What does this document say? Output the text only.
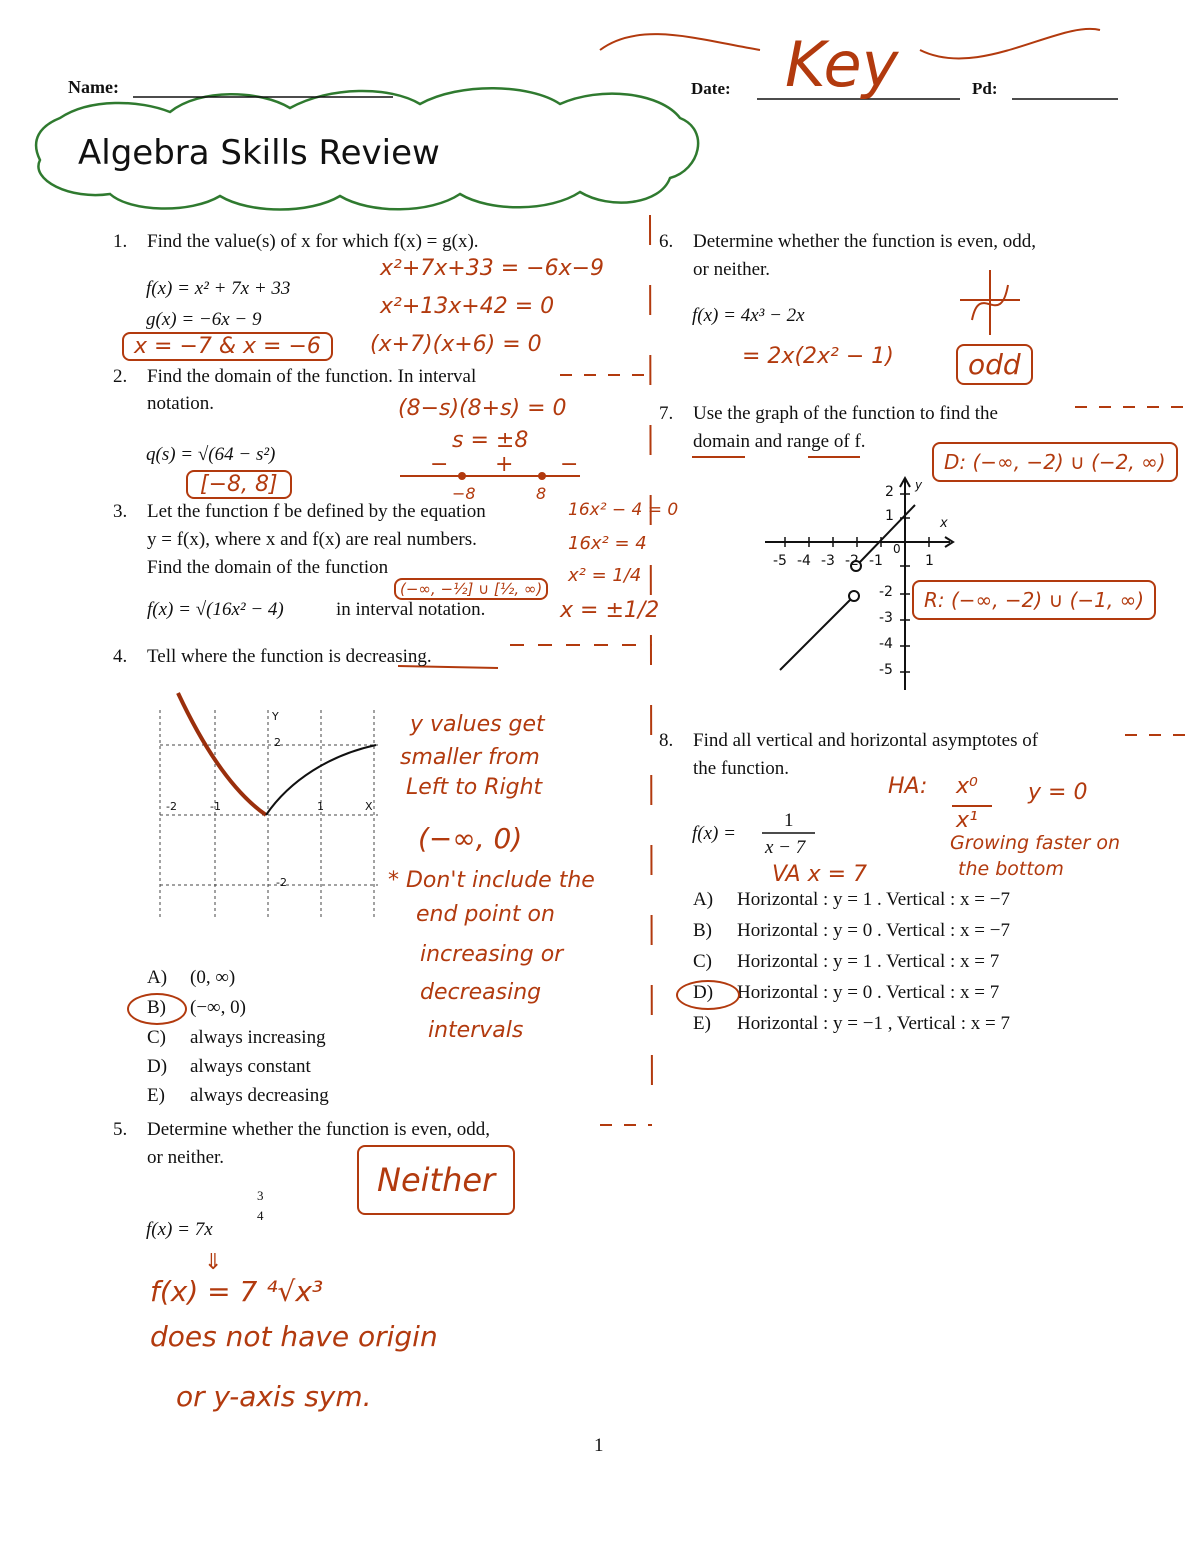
Name:	Date: Key	Pd:
Algebra Skills Review
1. Find the value(s) of x for which f(x) = g(x).
f(x) = x² + 7x + 33
g(x) = −6x − 9
x²+7x+33 = −6x−9
x²+13x+42 = 0
(x+7)(x+6) = 0
x = −7 & x = −6
2. Find the domain of the function. In interval
notation.
q(s) = √(64 − s²)
(8−s)(8+s) = 0
s = ±8
− + −
−8	8
[−8, 8]
3. Let the function f be defined by the equation
y = f(x), where x and f(x) are real numbers.
Find the domain of the function
f(x) = √(16x² − 4)	in interval notation.
16x² − 4 = 0
16x² = 4
x² = 1/4
x = ±1/2
(−∞, −½] ∪ [½, ∞)
4. Tell where the function is decreasing.
Y
2
-2	-1	1	X
-2
y values get
smaller from
Left to Right
(−∞, 0)
* Don't include the
end point on
increasing or
decreasing
intervals
A) (0, ∞)
B) (−∞, 0)
C) always increasing
D) always constant
E) always decreasing
5. Determine whether the function is even, odd,
or neither.
f(x) = 7x
3
4
⇓
Neither
f(x) = 7 ⁴√x³
does not have origin
or y-axis sym.
6. Determine whether the function is even, odd,
or neither.
f(x) = 4x³ − 2x
= 2x(2x² − 1)	odd
7. Use the graph of the function to find the
domain and range of f.
D: (−∞, −2) ∪ (−2, ∞)
R: (−∞, −2) ∪ (−1, ∞)
y
x
-5 -4 -3 -2 -1	1
2
1
0
-2
-3
-4
-5
8. Find all vertical and horizontal asymptotes of
the function.
f(x) =
1
x − 7
HA: x⁰
x¹
y = 0
Growing faster on
the bottom
VA x = 7
A) Horizontal : y = 1 . Vertical : x = −7
B) Horizontal : y = 0 . Vertical : x = −7
C) Horizontal : y = 1 . Vertical : x = 7
D) Horizontal : y = 0 . Vertical : x = 7
E) Horizontal : y = −1 , Vertical : x = 7
1
